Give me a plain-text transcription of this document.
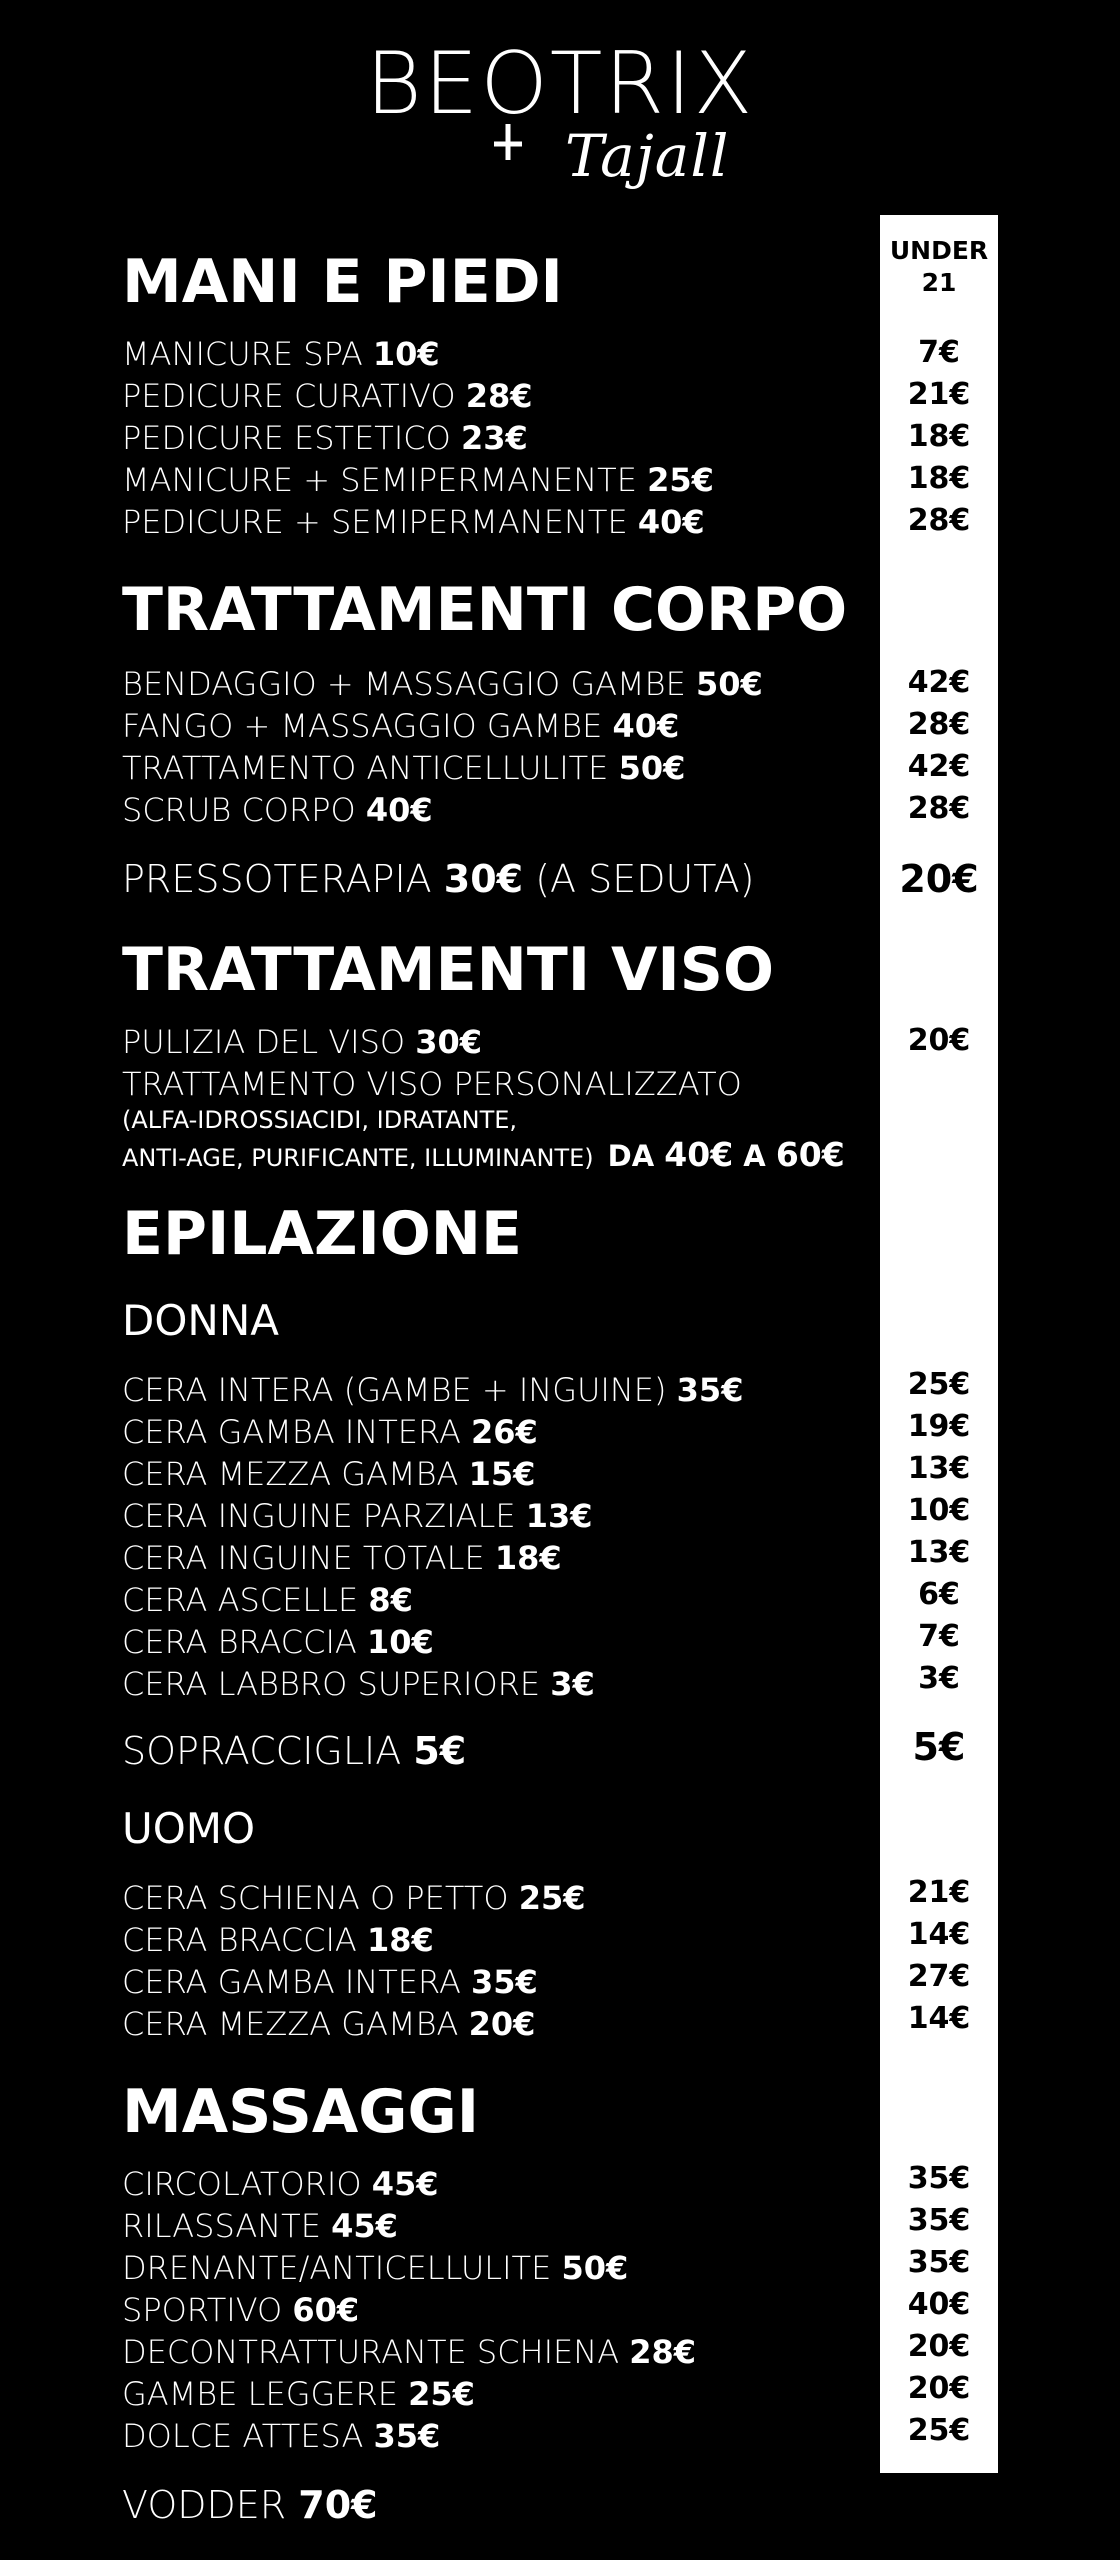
BEOTRIX
Tajall
UNDER
21
MANI E PIEDI
MANICURE SPA 10€	7€
PEDICURE CURATIVO 28€	21€
PEDICURE ESTETICO 23€	18€
MANICURE + SEMIPERMANENTE 25€	18€
PEDICURE + SEMIPERMANENTE 40€	28€
TRATTAMENTI CORPO
BENDAGGIO + MASSAGGIO GAMBE 50€	42€
FANGO + MASSAGGIO GAMBE 40€	28€
TRATTAMENTO ANTICELLULITE 50€	42€
SCRUB CORPO 40€	28€
PRESSOTERAPIA 30€ (A SEDUTA)	20€
TRATTAMENTI VISO
PULIZIA DEL VISO 30€	20€
TRATTAMENTO VISO PERSONALIZZATO
(ALFA-IDROSSIACIDI, IDRATANTE,
ANTI-AGE, PURIFICANTE, ILLUMINANTE) DA 40€ A 60€
EPILAZIONE
DONNA
CERA INTERA (GAMBE + INGUINE) 35€	25€
CERA GAMBA INTERA 26€	19€
CERA MEZZA GAMBA 15€	13€
CERA INGUINE PARZIALE 13€	10€
CERA INGUINE TOTALE 18€	13€
CERA ASCELLE 8€	6€
CERA BRACCIA 10€	7€
CERA LABBRO SUPERIORE 3€	3€
SOPRACCIGLIA 5€	5€
UOMO
CERA SCHIENA O PETTO 25€	21€
CERA BRACCIA 18€	14€
CERA GAMBA INTERA 35€	27€
CERA MEZZA GAMBA 20€	14€
MASSAGGI
CIRCOLATORIO 45€	35€
RILASSANTE 45€	35€
DRENANTE/ANTICELLULITE 50€	35€
SPORTIVO 60€	40€
DECONTRATTURANTE SCHIENA 28€	20€
GAMBE LEGGERE 25€	20€
DOLCE ATTESA 35€	25€
VODDER 70€
